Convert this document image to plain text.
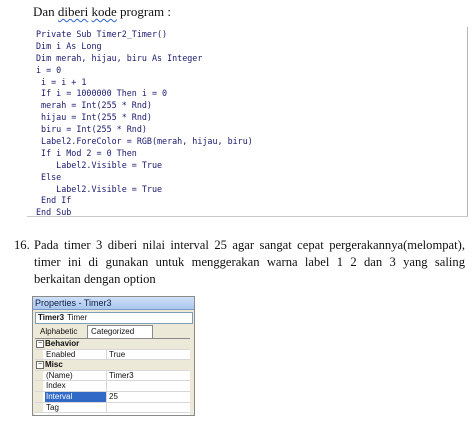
Dan diberi kode program :
Private Sub Timer2_Timer()
Dim i As Long
Dim merah, hijau, biru As Integer
i = 0
i = i + 1
If i = 1000000 Then i = 0
merah = Int(255 * Rnd)
hijau = Int(255 * Rnd)
biru = Int(255 * Rnd)
Label2.ForeColor = RGB(merah, hijau, biru)
If i Mod 2 = 0 Then
Label2.Visible = True
Else
Label2.Visible = True
End If
End Sub
16. Pada timer 3 diberi nilai interval 25 agar sangat cepat pergerakannya(melompat),
timer ini di gunakan untuk menggerakan warna label 1 2 dan 3 yang saling
berkaitan dengan option
Properties - Timer3
Timer3 Timer
Alphabetic	Categorized
− Behavior
Enabled	True
− Misc
(Name)	Timer3
Index
Interval	25
Tag
